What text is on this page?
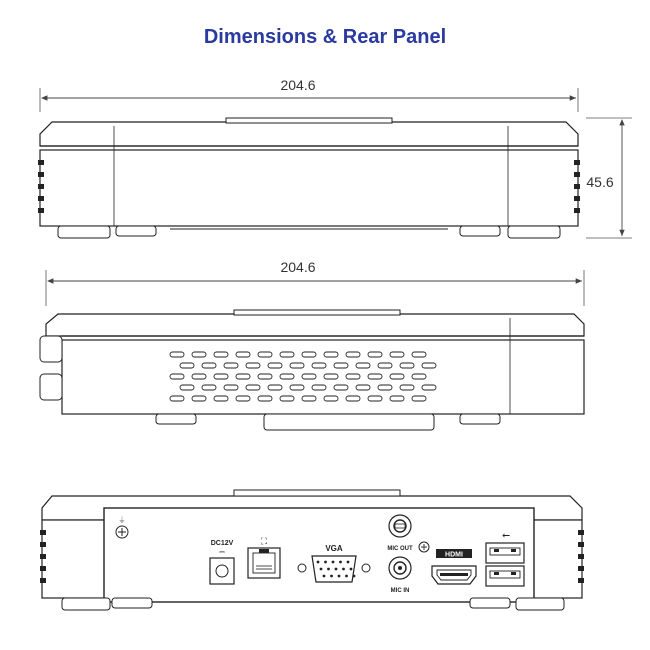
Dimensions & Rear Panel
204.6
45.6
204.6
⏚
DC12V
⎓
⛶
VGA	MIC OUT
MIC IN
HDMI
⭠
